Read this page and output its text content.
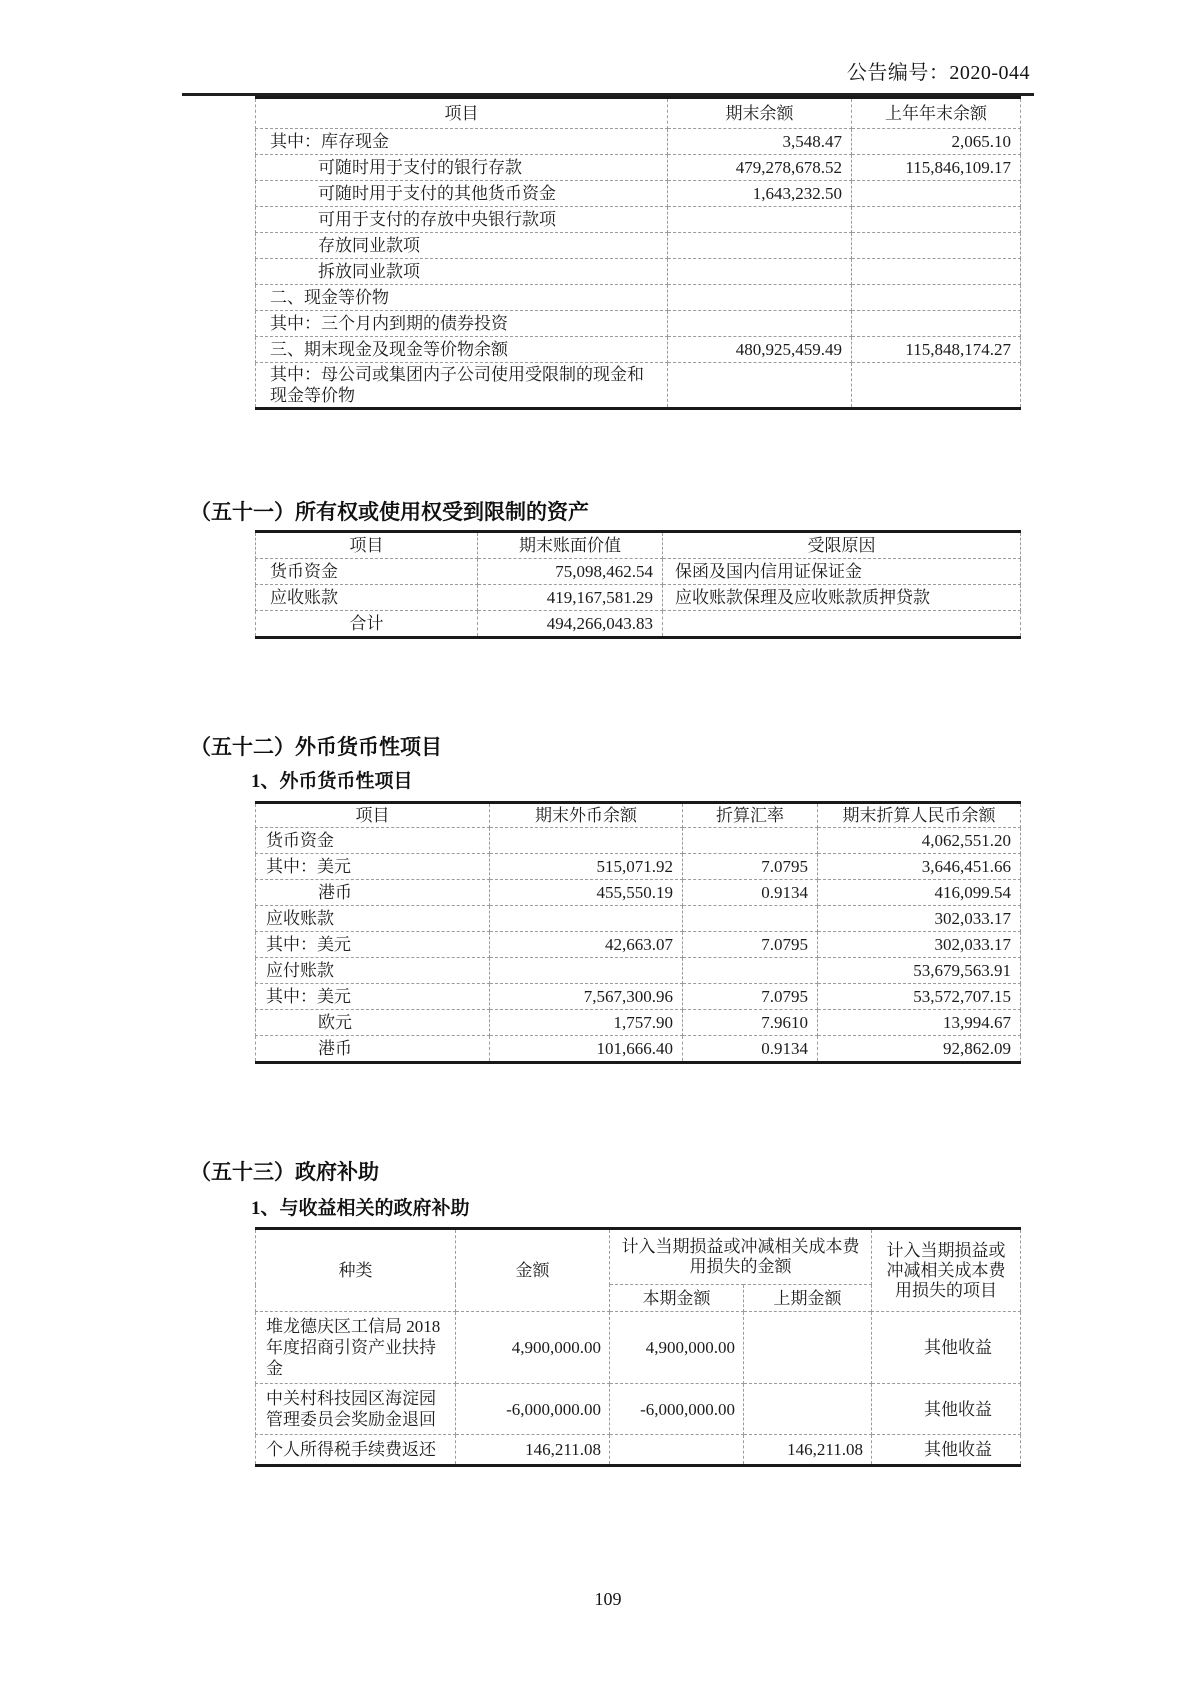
公告编号：2020-044
项目	期末余额	上年年末余额
其中：库存现金	3,548.47	2,065.10
可随时用于支付的银行存款	479,278,678.52	115,846,109.17
可随时用于支付的其他货币资金	1,643,232.50	
可用于支付的存放中央银行款项		
存放同业款项		
拆放同业款项		
二、现金等价物		
其中：三个月内到期的债券投资		
三、期末现金及现金等价物余额	480,925,459.49	115,848,174.27
其中：母公司或集团内子公司使用受限制的现金和现金等价物		
（五十一）所有权或使用权受到限制的资产
项目	期末账面价值	受限原因
货币资金	75,098,462.54	保函及国内信用证保证金
应收账款	419,167,581.29	应收账款保理及应收账款质押贷款
合计	494,266,043.83	
（五十二）外币货币性项目
1、外币货币性项目
项目	期末外币余额	折算汇率	期末折算人民币余额
货币资金			4,062,551.20
其中：美元	515,071.92	7.0795	3,646,451.66
港币	455,550.19	0.9134	416,099.54
应收账款			302,033.17
其中：美元	42,663.07	7.0795	302,033.17
应付账款			53,679,563.91
其中：美元	7,567,300.96	7.0795	53,572,707.15
欧元	1,757.90	7.9610	13,994.67
港币	101,666.40	0.9134	92,862.09
（五十三）政府补助
1、与收益相关的政府补助
种类	金额	计入当期损益或冲减相关成本费用损失的金额		计入当期损益或冲减相关成本费用损失的项目
		本期金额	上期金额	
堆龙德庆区工信局 2018 年度招商引资产业扶持金	4,900,000.00	4,900,000.00		其他收益
中关村科技园区海淀园管理委员会奖励金退回	-6,000,000.00	-6,000,000.00		其他收益
个人所得税手续费返还	146,211.08		146,211.08	其他收益
109
